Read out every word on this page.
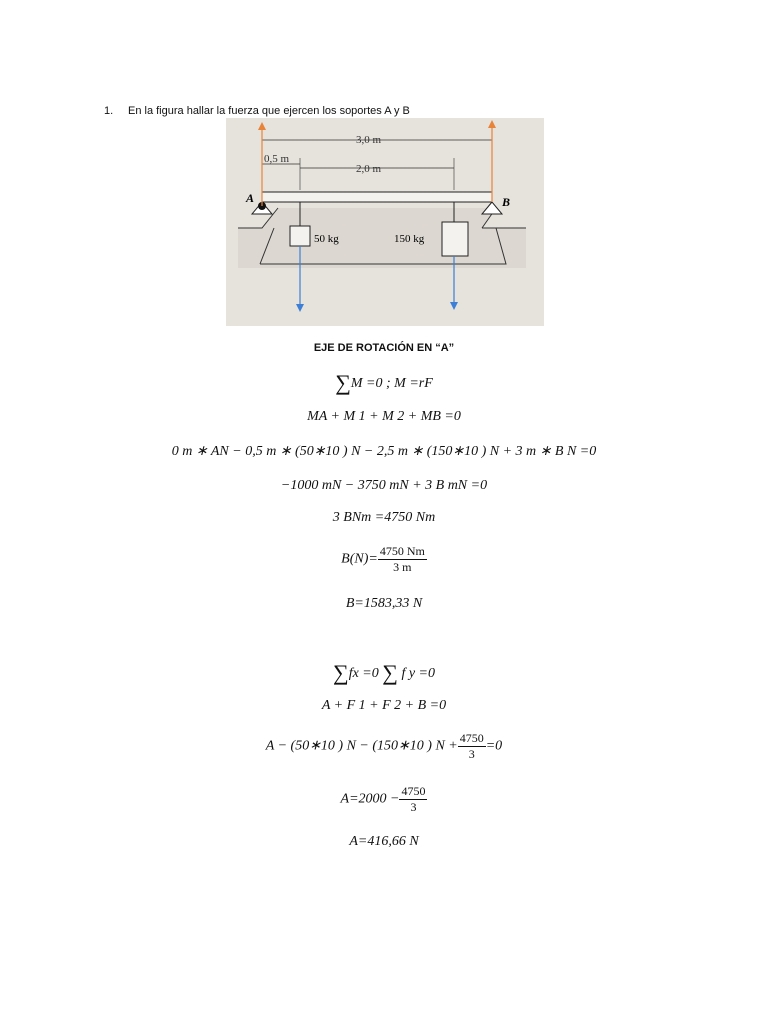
1. En la figura hallar la fuerza que ejercen los soportes A y B
A	B
50 kg	150 kg
3,0 m
0,5 m
2,0 m
EJE DE ROTACIÓN EN “A”
∑M =0 ; M =rF
MA + M 1 + M 2 + MB =0
0 m ∗ AN − 0,5 m ∗ (50∗10 ) N − 2,5 m ∗ (150∗10 ) N + 3 m ∗ B N =0
−1000 mN − 3750 mN + 3 B mN =0
3 BNm =4750 Nm
$B(N)= \frac{4750 Nm}{3 m}$
B=1583,33 N
∑fx =0 ∑ f y =0
A + F 1 + F 2 + B =0
A − (50∗10 ) N − (150∗10 ) $N + \frac{4750}{3} =0$
$A=2000 - \frac{4750}{3}$
A=416,66 N
